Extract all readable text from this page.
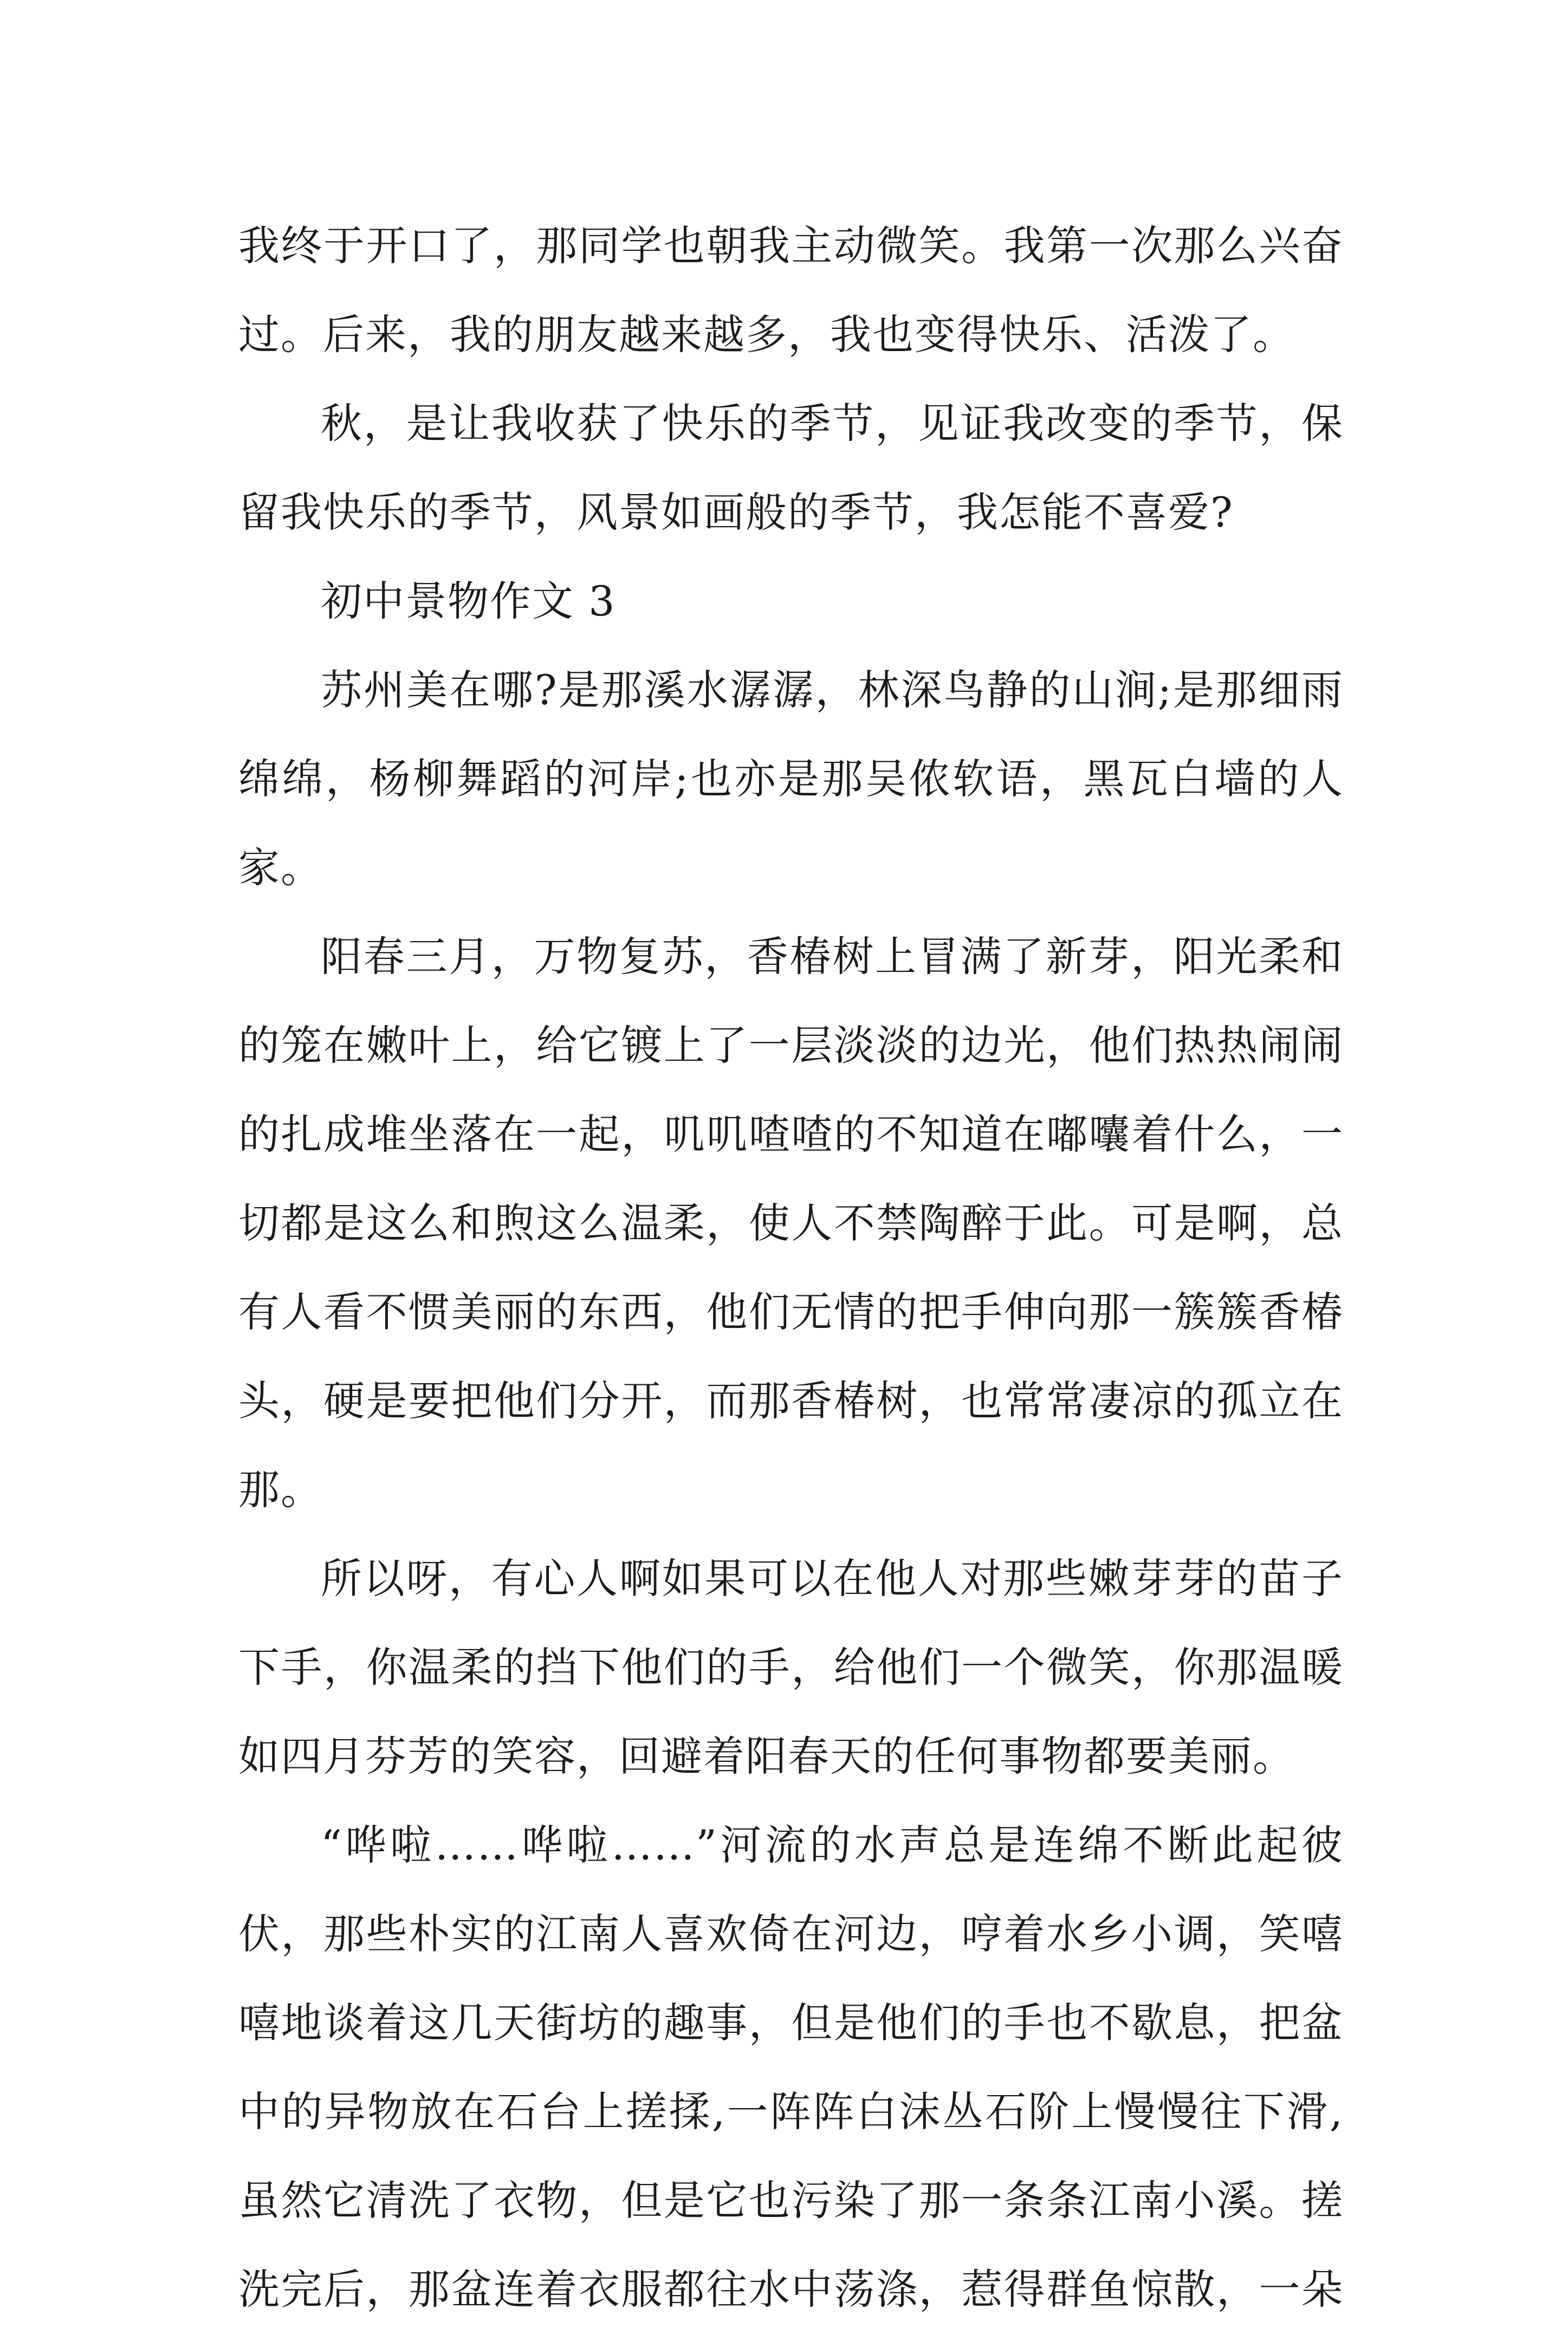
我终于开口了，那同学也朝我主动微笑。我第一次那么兴奋
过。后来，我的朋友越来越多，我也变得快乐、活泼了。
秋，是让我收获了快乐的季节，见证我改变的季节，保
留我快乐的季节，风景如画般的季节，我怎能不喜爱?
初中景物作文 3
苏州美在哪?是那溪水潺潺，林深鸟静的山涧;是那细雨
绵绵，杨柳舞蹈的河岸;也亦是那吴侬软语，黑瓦白墙的人
家。
阳春三月，万物复苏，香椿树上冒满了新芽，阳光柔和
的笼在嫩叶上，给它镀上了一层淡淡的边光，他们热热闹闹
的扎成堆坐落在一起，叽叽喳喳的不知道在嘟囔着什么，一
切都是这么和煦这么温柔，使人不禁陶醉于此。可是啊，总
有人看不惯美丽的东西，他们无情的把手伸向那一簇簇香椿
头，硬是要把他们分开，而那香椿树，也常常凄凉的孤立在
那。
所以呀，有心人啊如果可以在他人对那些嫩芽芽的苗子
下手，你温柔的挡下他们的手，给他们一个微笑，你那温暖
如四月芬芳的笑容，回避着阳春天的任何事物都要美丽。
“哗啦……哗啦……”河流的水声总是连绵不断此起彼
伏，那些朴实的江南人喜欢倚在河边，哼着水乡小调，笑嘻
嘻地谈着这几天街坊的趣事，但是他们的手也不歇息，把盆
中的异物放在石台上搓揉,一阵阵白沫丛石阶上慢慢往下滑,
虽然它清洗了衣物，但是它也污染了那一条条江南小溪。搓
洗完后，那盆连着衣服都往水中荡涤，惹得群鱼惊散，一朵
